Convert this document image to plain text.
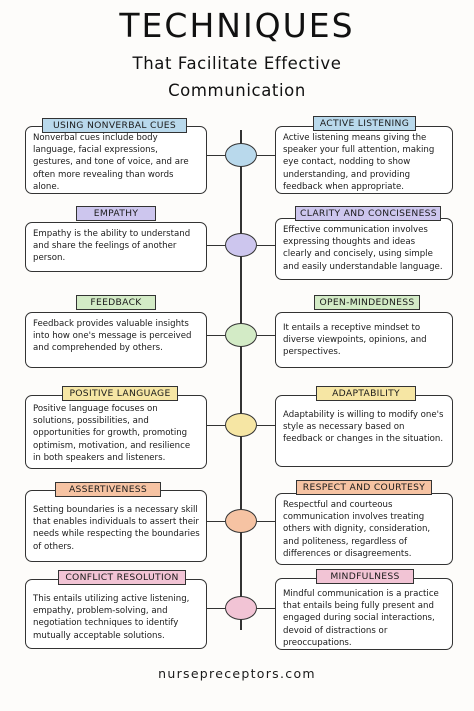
TECHNIQUES
That Facilitate Effective
Communication
Nonverbal cues include body language, facial expressions, gestures, and tone of voice, and are often more revealing than words alone.
USING NONVERBAL CUES
Active listening means giving the speaker your full attention, making eye contact, nodding to show understanding, and providing feedback when appropriate.
ACTIVE LISTENING
Empathy is the ability to understand and share the feelings of another person.
EMPATHY
Effective communication involves expressing thoughts and ideas clearly and concisely, using simple and easily understandable language.
CLARITY AND CONCISENESS
Feedback provides valuable insights into how one's message is perceived and comprehended by others.
FEEDBACK
It entails a receptive mindset to diverse viewpoints, opinions, and perspectives.
OPEN-MINDEDNESS
Positive language focuses on solutions, possibilities, and opportunities for growth, promoting optimism, motivation, and resilience in both speakers and listeners.
POSITIVE LANGUAGE
Adaptability is willing to modify one's style as necessary based on feedback or changes in the situation.
ADAPTABILITY
Setting boundaries is a necessary skill that enables individuals to assert their needs while respecting the boundaries of others.
ASSERTIVENESS
Respectful and courteous communication involves treating others with dignity, consideration, and politeness, regardless of differences or disagreements.
RESPECT AND COURTESY
This entails utilizing active listening, empathy, problem-solving, and negotiation techniques to identify mutually acceptable solutions.
CONFLICT RESOLUTION
Mindful communication is a practice that entails being fully present and engaged during social interactions, devoid of distractions or preoccupations.
MINDFULNESS
nursepreceptors.com
